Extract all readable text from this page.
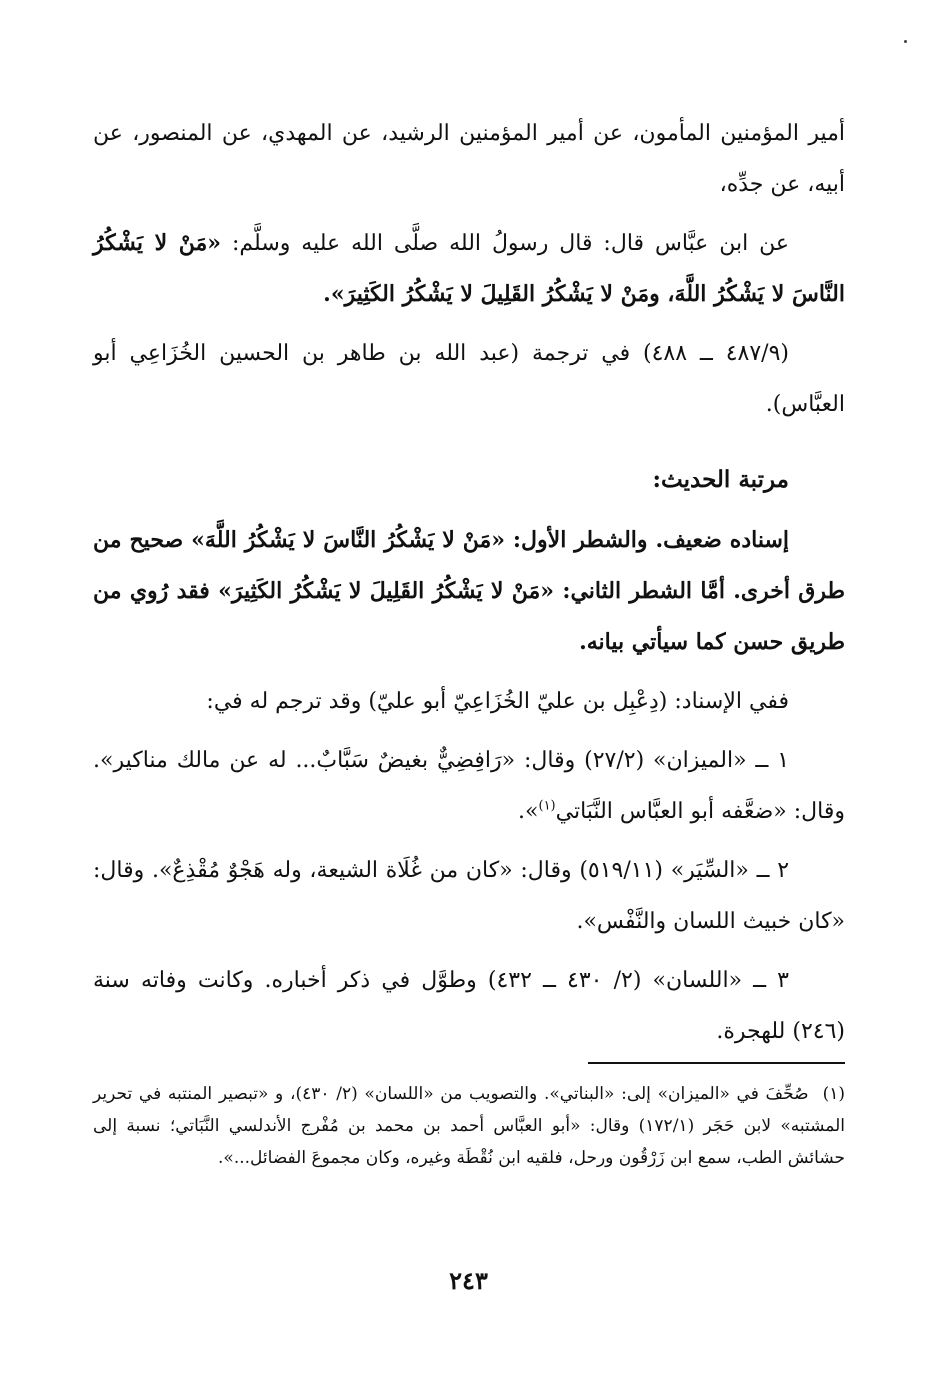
أمير المؤمنين المأمون، عن أمير المؤمنين الرشيد، عن المهدي، عن المنصور، عن أبيه، عن جدِّه،

عن ابن عبَّاس قال: قال رسولُ الله صلَّى الله عليه وسلَّم: «مَنْ لا يَشْكُرُ النَّاسَ لا يَشْكُرُ اللَّهَ، ومَنْ لا يَشْكُرُ القَلِيلَ لا يَشْكُرُ الكَثِيرَ».

(٤٨٧/٩ ــ ٤٨٨) في ترجمة (عبد الله بن طاهر بن الحسين الخُزَاعِي أبو العبَّاس).

مرتبة الحديث:

إسناده ضعيف. والشطر الأول: «مَنْ لا يَشْكُرُ النَّاسَ لا يَشْكُرُ اللَّهَ» صحيح من طرق أخرى. أمَّا الشطر الثاني: «مَنْ لا يَشْكُرُ القَلِيلَ لا يَشْكُرُ الكَثِيرَ» فقد رُوي من طريق حسن كما سيأتي بيانه.

ففي الإسناد: (دِعْبِل بن عليّ الخُزَاعِيّ أبو عليّ) وقد ترجم له في:

١ ــ «الميزان» (٢٧/٢) وقال: «رَافِضِيٌّ بغيضٌ سَبَّابٌ... له عن مالك مناكير». وقال: «ضعَّفه أبو العبَّاس النَّبَاتي$^{(١)}$».

٢ ــ «السِّيَر» (٥١٩/١١) وقال: «كان من غُلَاة الشيعة، وله هَجْوٌ مُقْذِعٌ». وقال: «كان خبيث اللسان والنَّفْس».

٣ ــ «اللسان» (٢/ ٤٣٠ ــ ٤٣٢) وطوَّل في ذكر أخباره. وكانت وفاته سنة (٢٤٦) للهجرة.

(١)صُحِّفَ في «الميزان» إلى: «البناتي». والتصويب من «اللسان» (٢/ ٤٣٠)، و «تبصير المنتبه في تحرير المشتبه» لابن حَجَر (١٧٢/١) وقال: «أبو العبَّاس أحمد بن محمد بن مُفْرج الأندلسي النَّبَاتي؛ نسبة إلى حشائش الطب، سمع ابن زَرْقُون ورحل، فلقيه ابن نُقْطَة وغيره، وكان مجموعَ الفضائل...».

٢٤٣
